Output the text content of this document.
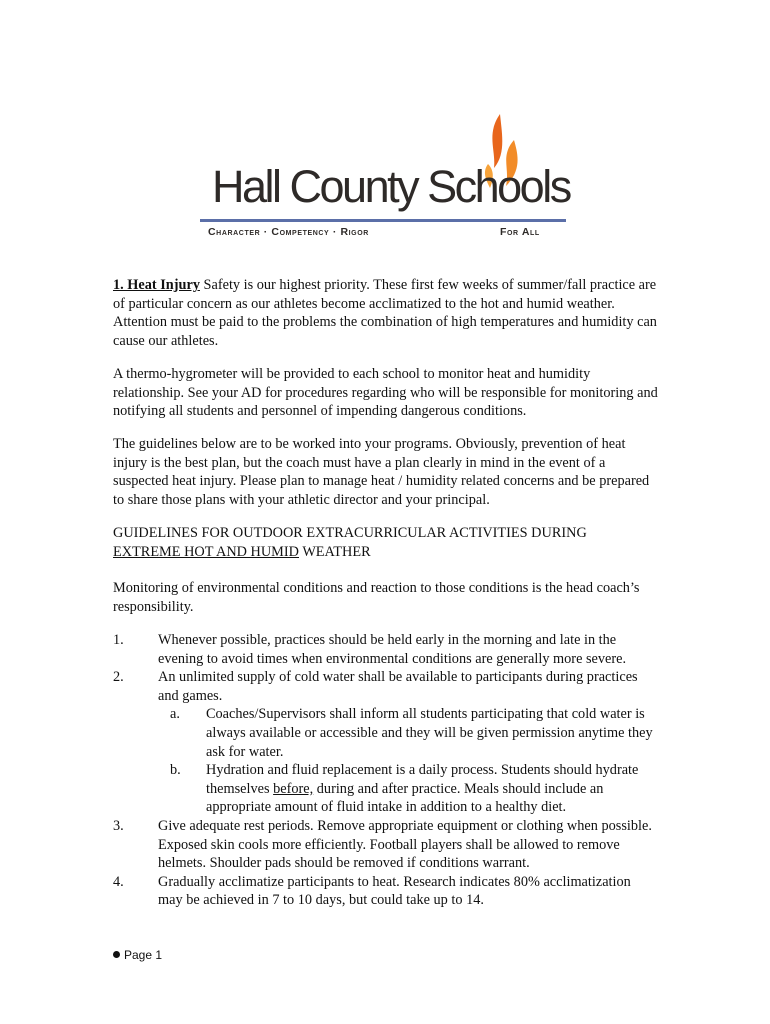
Hall County Schools
Character · Competency · Rigor	For All

1. Heat Injury Safety is our highest priority. These first few weeks of summer/fall practice are of particular concern as our athletes become acclimatized to the hot and humid weather. Attention must be paid to the problems the combination of high temperatures and humidity can cause our athletes.

A thermo-hygrometer will be provided to each school to monitor heat and humidity relationship. See your AD for procedures regarding who will be responsible for monitoring and notifying all students and personnel of impending dangerous conditions.

The guidelines below are to be worked into your programs. Obviously, prevention of heat injury is the best plan, but the coach must have a plan clearly in mind in the event of a suspected heat injury. Please plan to manage heat / humidity related concerns and be prepared to share those plans with your athletic director and your principal.

GUIDELINES FOR OUTDOOR EXTRACURRICULAR ACTIVITIES DURING
EXTREME HOT AND HUMID WEATHER

Monitoring of environmental conditions and reaction to those conditions is the head coach’s responsibility.

1. Whenever possible, practices should be held early in the morning and late in the evening to avoid times when environmental conditions are generally more severe.
2. An unlimited supply of cold water shall be available to participants during practices and games.
a. Coaches/Supervisors shall inform all students participating that cold water is always available or accessible and they will be given permission anytime they ask for water.
b. Hydration and fluid replacement is a daily process. Students should hydrate themselves before, during and after practice. Meals should include an appropriate amount of fluid intake in addition to a healthy diet.
3. Give adequate rest periods. Remove appropriate equipment or clothing when possible. Exposed skin cools more efficiently. Football players shall be allowed to remove helmets. Shoulder pads should be removed if conditions warrant.
4. Gradually acclimatize participants to heat. Research indicates 80% acclimatization may be achieved in 7 to 10 days, but could take up to 14.
Page 1
